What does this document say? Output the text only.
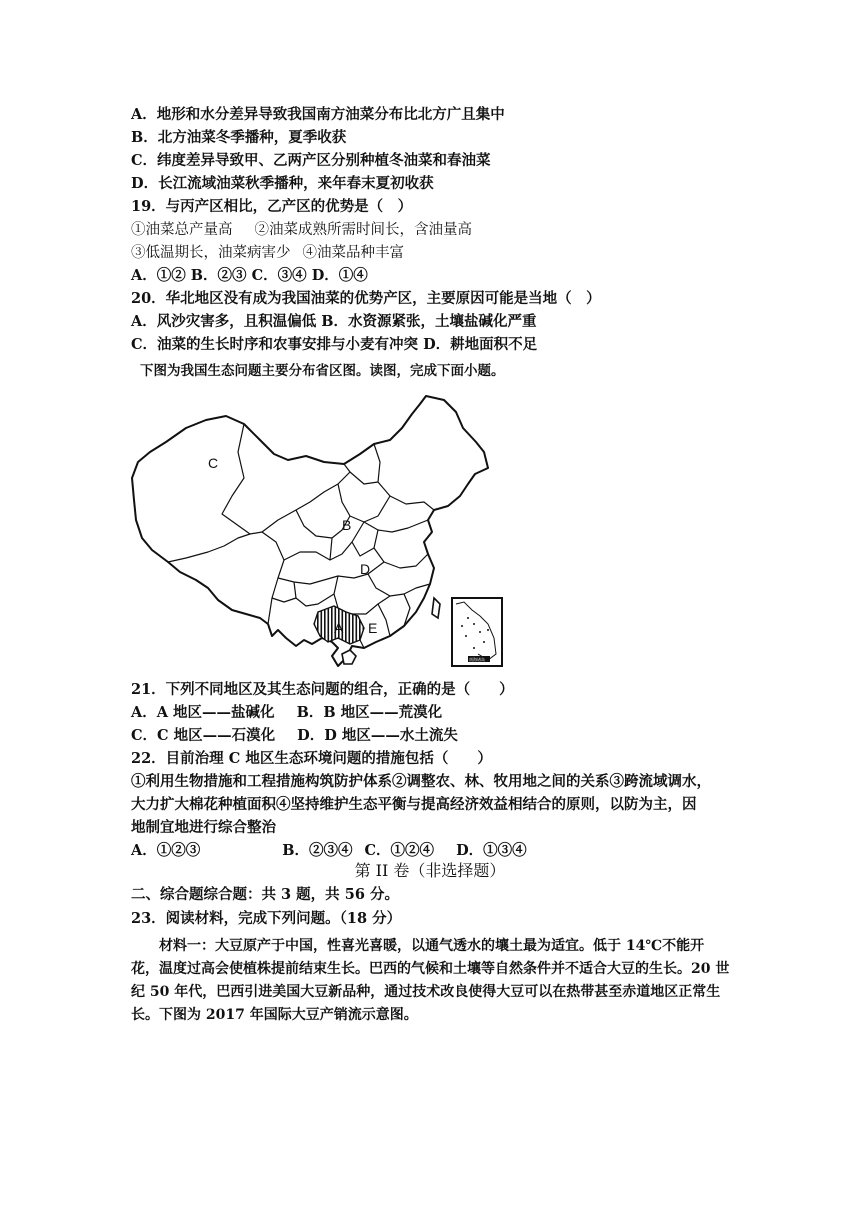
A．地形和水分差异导致我国南方油菜分布比北方广且集中
B．北方油菜冬季播种，夏季收获
C．纬度差异导致甲、乙两产区分别种植冬油菜和春油菜
D．长江流域油菜秋季播种，来年春末夏初收获
19．与丙产区相比，乙产区的优势是（　）
①油菜总产量高 ②油菜成熟所需时间长，含油量高
③低温期长，油菜病害少 ④油菜品种丰富
A．①② B．②③ C．③④ D．①④
20．华北地区没有成为我国油菜的优势产区，主要原因可能是当地（　）
A．风沙灾害多，且积温偏低 B．水资源紧张，土壤盐碱化严重
C．油菜的生长时序和农事安排与小麦有冲突 D．耕地面积不足
下图为我国生态问题主要分布省区图。读图，完成下面小题。
C
B
D
A E
南海诸岛
21．下列不同地区及其生态问题的组合，正确的是（　　）
A．A 地区——盐碱化 B．B 地区——荒漠化
C．C 地区——石漠化 D．D 地区——水土流失
22．目前治理 C 地区生态环境问题的措施包括（　　）
①利用生物措施和工程措施构筑防护体系②调整农、林、牧用地之间的关系③跨流域调水，
大力扩大棉花种植面积④坚持维护生态平衡与提高经济效益相结合的原则，以防为主，因
地制宜地进行综合整治
A．①②③	B．②③④ C．①②④ D．①③④
第 II 卷（非选择题）
二、综合题综合题：共 3 题，共 56 分。
23．阅读材料，完成下列问题。（18 分）
材料一：大豆原产于中国，性喜光喜暖，以通气透水的壤土最为适宜。低于 14℃不能开花，温度过高会使植株提前结束生长。巴西的气候和土壤等自然条件并不适合大豆的生长。20 世纪 50 年代，巴西引进美国大豆新品种，通过技术改良使得大豆可以在热带甚至赤道地区正常生长。下图为 2017 年国际大豆产销流示意图。
